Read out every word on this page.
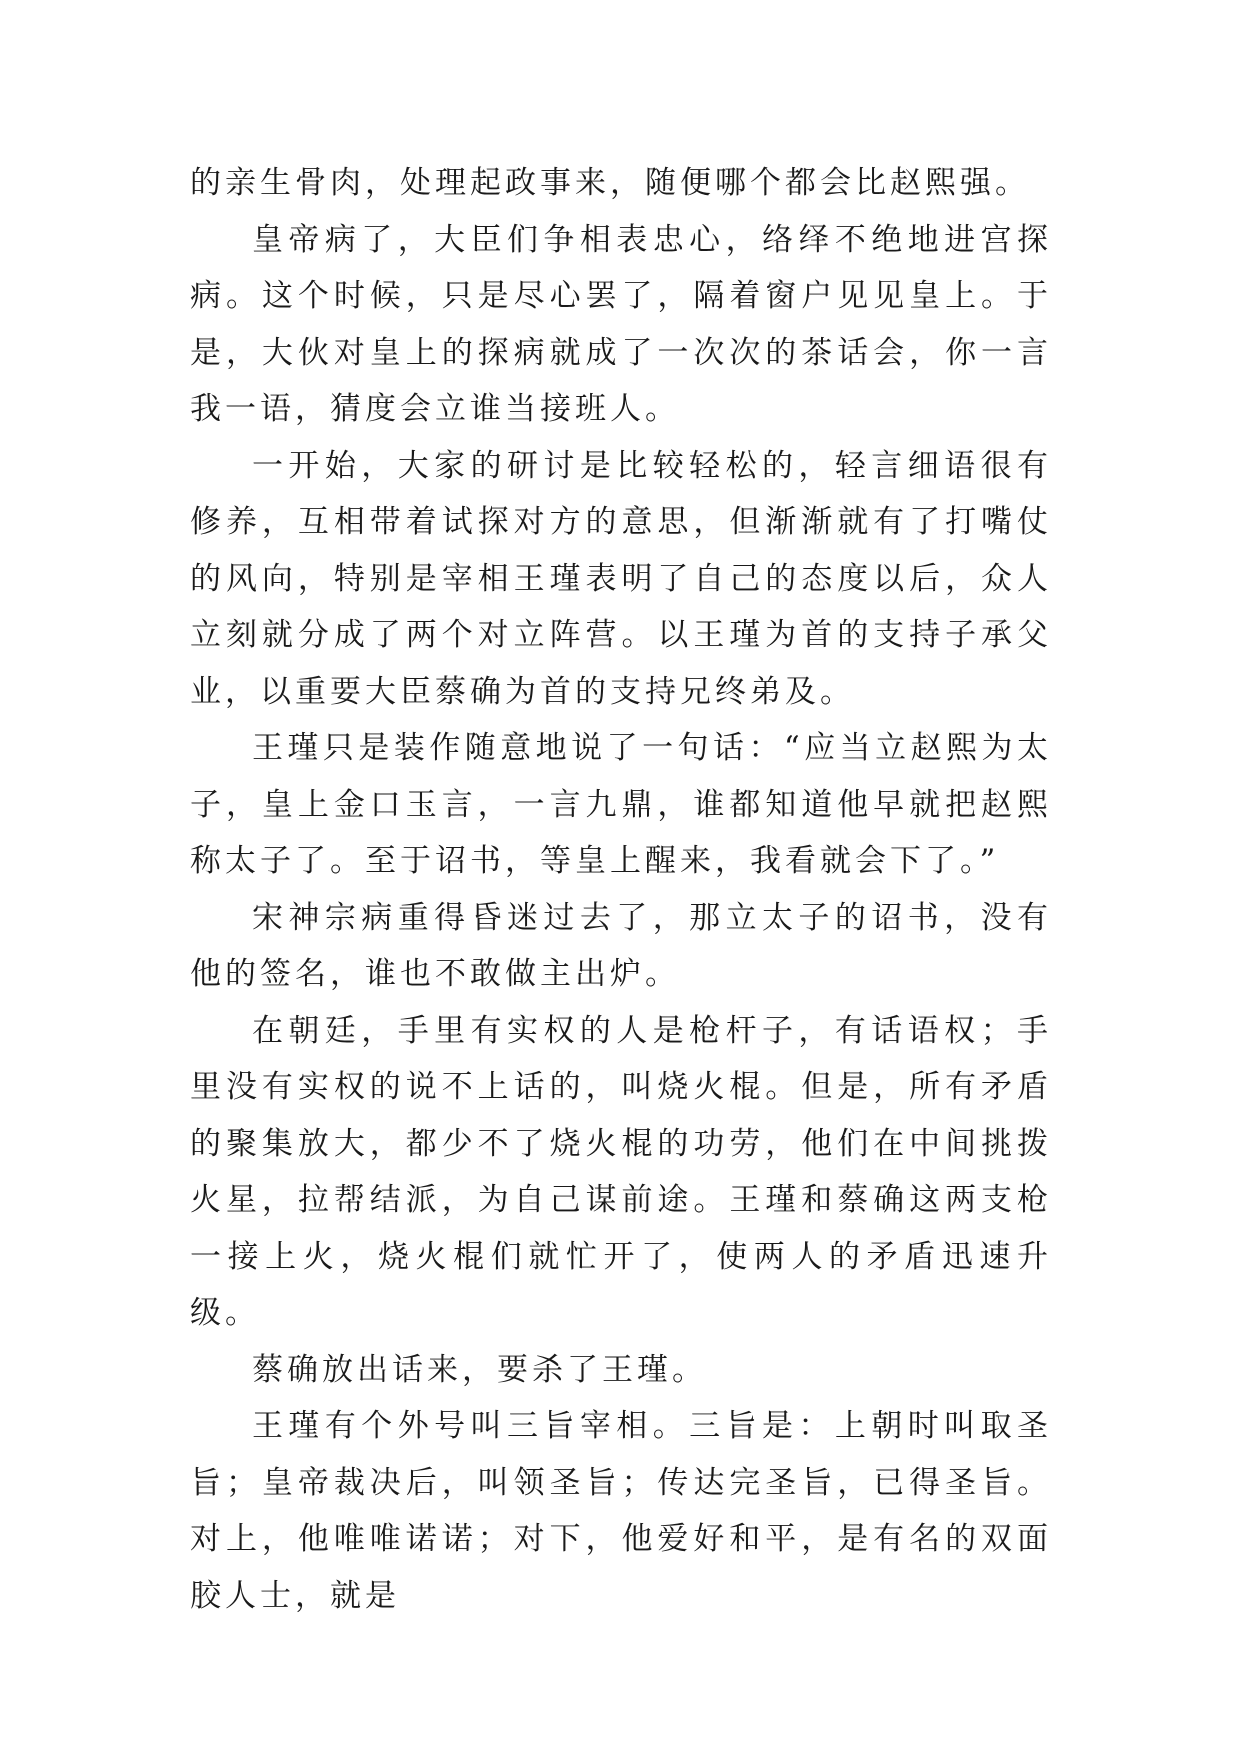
的亲生骨肉，处理起政事来，随便哪个都会比赵熙强。

皇帝病了，大臣们争相表忠心，络绎不绝地进宫探病。这个时候，只是尽心罢了，隔着窗户见见皇上。于是，大伙对皇上的探病就成了一次次的茶话会，你一言我一语，猜度会立谁当接班人。

一开始，大家的研讨是比较轻松的，轻言细语很有修养，互相带着试探对方的意思，但渐渐就有了打嘴仗的风向，特别是宰相王瑾表明了自己的态度以后，众人立刻就分成了两个对立阵营。以王瑾为首的支持子承父业，以重要大臣蔡确为首的支持兄终弟及。

王瑾只是装作随意地说了一句话：“应当立赵熙为太子，皇上金口玉言，一言九鼎，谁都知道他早就把赵熙称太子了。至于诏书，等皇上醒来，我看就会下了。”

宋神宗病重得昏迷过去了，那立太子的诏书，没有他的签名，谁也不敢做主出炉。

在朝廷，手里有实权的人是枪杆子，有话语权；手里没有实权的说不上话的，叫烧火棍。但是，所有矛盾的聚集放大，都少不了烧火棍的功劳，他们在中间挑拨火星，拉帮结派，为自己谋前途。王瑾和蔡确这两支枪一接上火，烧火棍们就忙开了，使两人的矛盾迅速升级。

蔡确放出话来，要杀了王瑾。

王瑾有个外号叫三旨宰相。三旨是：上朝时叫取圣旨；皇帝裁决后，叫领圣旨；传达完圣旨，已得圣旨。对上，他唯唯诺诺；对下，他爱好和平，是有名的双面胶人士，就是
